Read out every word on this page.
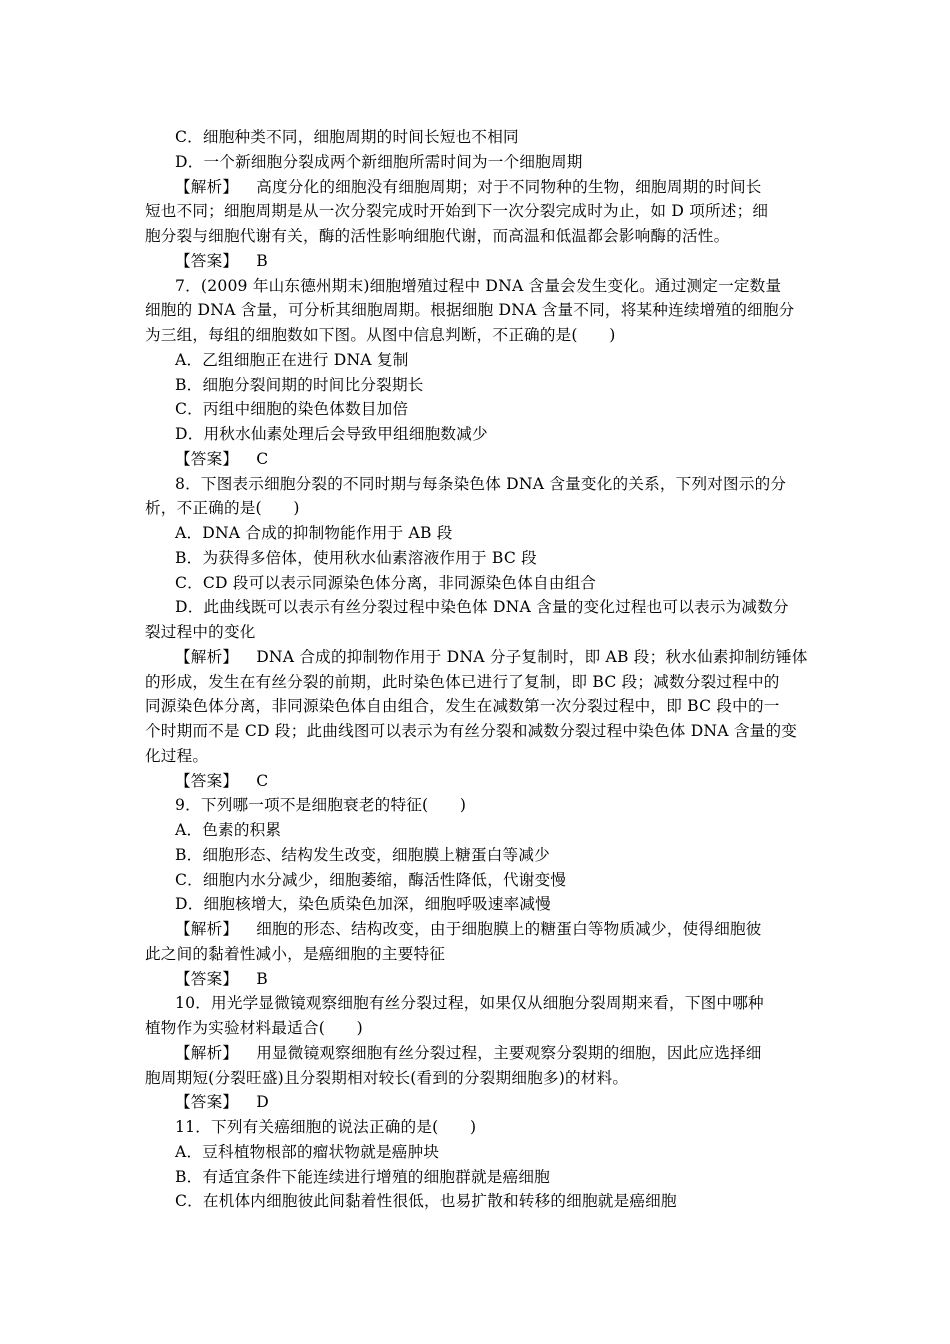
C．细胞种类不同，细胞周期的时间长短也不相同
D．一个新细胞分裂成两个新细胞所需时间为一个细胞周期
【解析】 高度分化的细胞没有细胞周期；对于不同物种的生物，细胞周期的时间长
短也不同；细胞周期是从一次分裂完成时开始到下一次分裂完成时为止，如 D 项所述；细
胞分裂与细胞代谢有关，酶的活性影响细胞代谢，而高温和低温都会影响酶的活性。
【答案】 B
7．(2009 年山东德州期末)细胞增殖过程中 DNA 含量会发生变化。通过测定一定数量
细胞的 DNA 含量，可分析其细胞周期。根据细胞 DNA 含量不同，将某种连续增殖的细胞分
为三组，每组的细胞数如下图。从图中信息判断，不正确的是(　　)
A．乙组细胞正在进行 DNA 复制
B．细胞分裂间期的时间比分裂期长
C．丙组中细胞的染色体数目加倍
D．用秋水仙素处理后会导致甲组细胞数减少
【答案】 C
8．下图表示细胞分裂的不同时期与每条染色体 DNA 含量变化的关系，下列对图示的分
析，不正确的是(　　)
A．DNA 合成的抑制物能作用于 AB 段
B．为获得多倍体，使用秋水仙素溶液作用于 BC 段
C．CD 段可以表示同源染色体分离，非同源染色体自由组合
D．此曲线既可以表示有丝分裂过程中染色体 DNA 含量的变化过程也可以表示为减数分
裂过程中的变化
【解析】 DNA 合成的抑制物作用于 DNA 分子复制时，即 AB 段；秋水仙素抑制纺锤体
的形成，发生在有丝分裂的前期，此时染色体已进行了复制，即 BC 段；减数分裂过程中的
同源染色体分离，非同源染色体自由组合，发生在减数第一次分裂过程中，即 BC 段中的一
个时期而不是 CD 段；此曲线图可以表示为有丝分裂和减数分裂过程中染色体 DNA 含量的变
化过程。
【答案】 C
9．下列哪一项不是细胞衰老的特征(　　)
A．色素的积累
B．细胞形态、结构发生改变，细胞膜上糖蛋白等减少
C．细胞内水分减少，细胞萎缩，酶活性降低，代谢变慢
D．细胞核增大，染色质染色加深，细胞呼吸速率减慢
【解析】 细胞的形态、结构改变，由于细胞膜上的糖蛋白等物质减少，使得细胞彼
此之间的黏着性减小，是癌细胞的主要特征
【答案】 B
10．用光学显微镜观察细胞有丝分裂过程，如果仅从细胞分裂周期来看，下图中哪种
植物作为实验材料最适合(　　)
【解析】 用显微镜观察细胞有丝分裂过程，主要观察分裂期的细胞，因此应选择细
胞周期短(分裂旺盛)且分裂期相对较长(看到的分裂期细胞多)的材料。
【答案】 D
11．下列有关癌细胞的说法正确的是(　　)
A．豆科植物根部的瘤状物就是癌肿块
B．有适宜条件下能连续进行增殖的细胞群就是癌细胞
C．在机体内细胞彼此间黏着性很低，也易扩散和转移的细胞就是癌细胞
